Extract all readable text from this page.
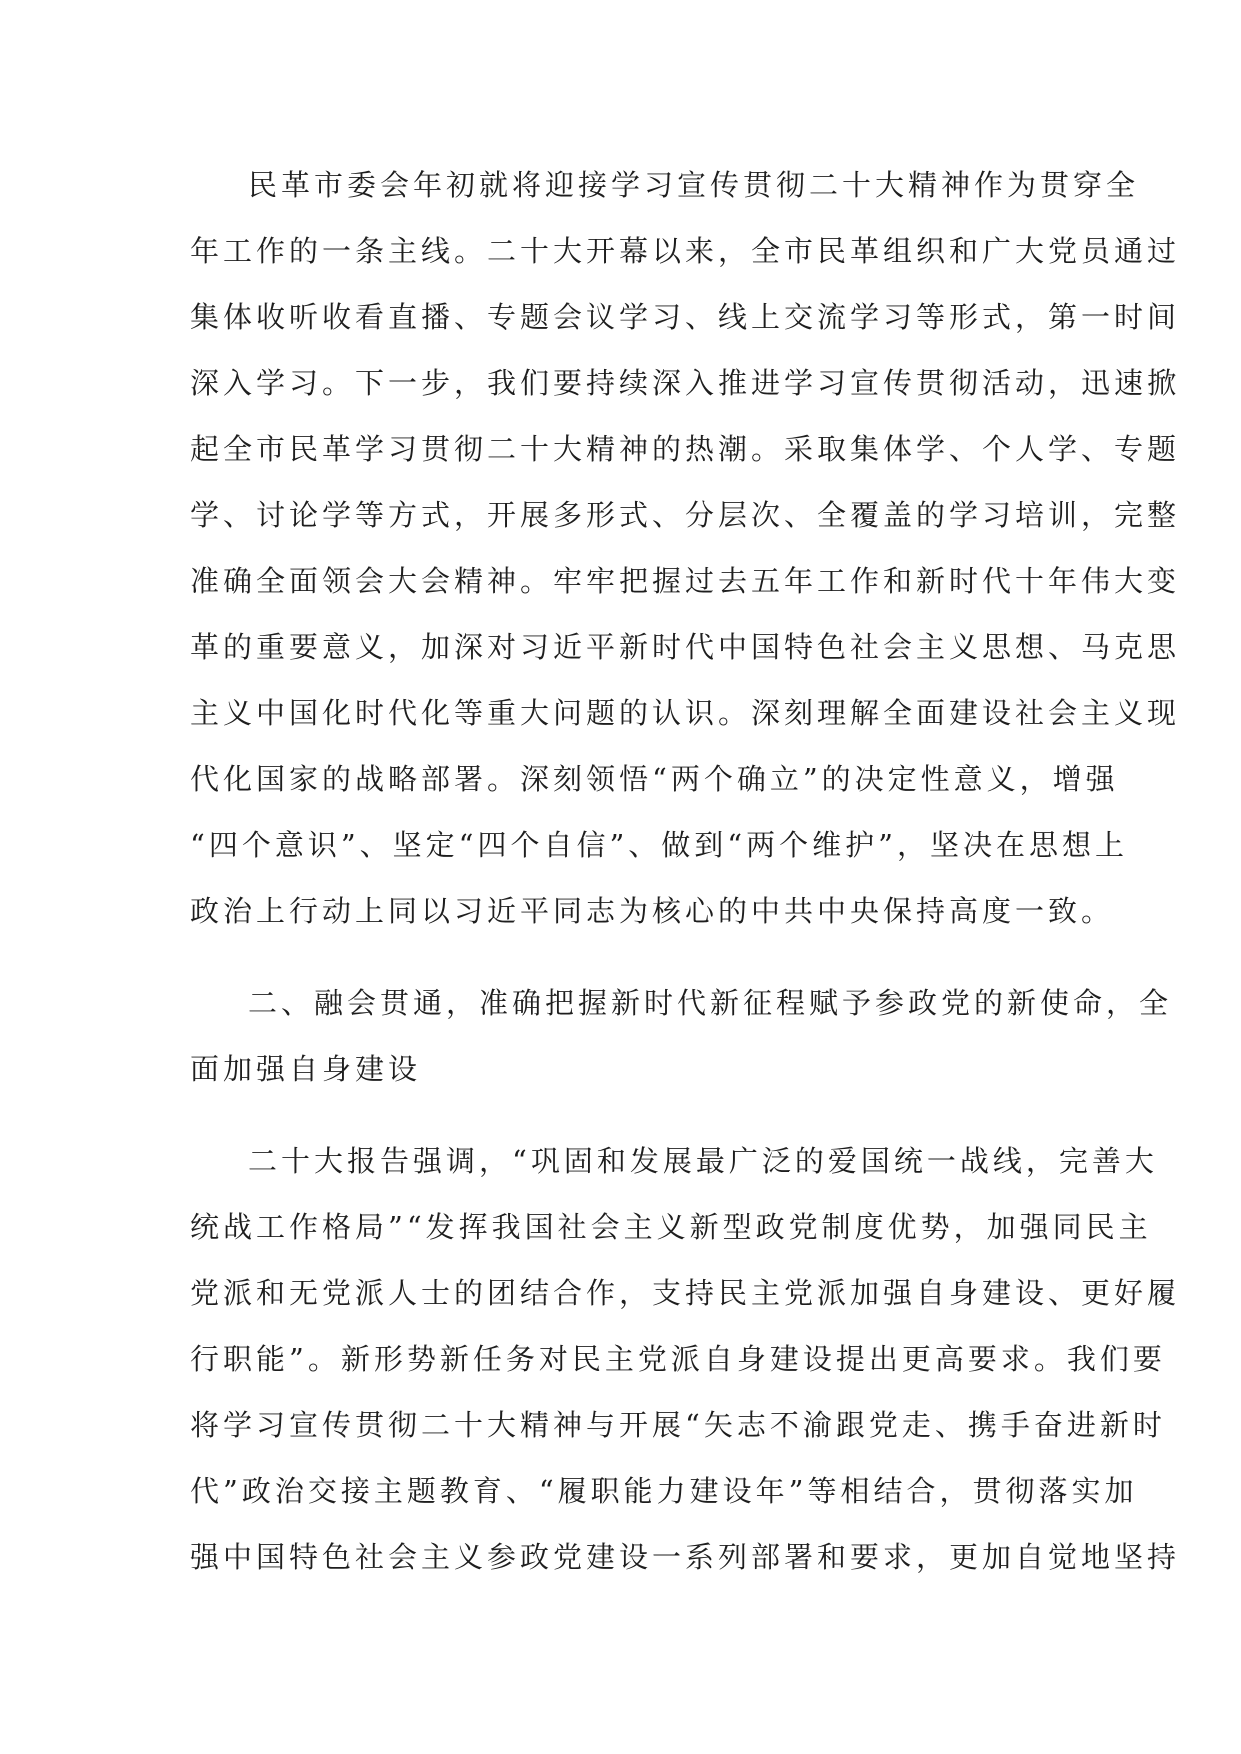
民革市委会年初就将迎接学习宣传贯彻二十大精神作为贯穿全
年工作的一条主线。二十大开幕以来，全市民革组织和广大党员通过
集体收听收看直播、专题会议学习、线上交流学习等形式，第一时间
深入学习。下一步，我们要持续深入推进学习宣传贯彻活动，迅速掀
起全市民革学习贯彻二十大精神的热潮。采取集体学、个人学、专题
学、讨论学等方式，开展多形式、分层次、全覆盖的学习培训，完整
准确全面领会大会精神。牢牢把握过去五年工作和新时代十年伟大变
革的重要意义，加深对习近平新时代中国特色社会主义思想、马克思
主义中国化时代化等重大问题的认识。深刻理解全面建设社会主义现
代化国家的战略部署。深刻领悟“两个确立”的决定性意义，增强
“四个意识”、坚定“四个自信”、做到“两个维护”，坚决在思想上
政治上行动上同以习近平同志为核心的中共中央保持高度一致。
二、融会贯通，准确把握新时代新征程赋予参政党的新使命，全
面加强自身建设
二十大报告强调，“巩固和发展最广泛的爱国统一战线，完善大
统战工作格局”“发挥我国社会主义新型政党制度优势，加强同民主
党派和无党派人士的团结合作，支持民主党派加强自身建设、更好履
行职能”。新形势新任务对民主党派自身建设提出更高要求。我们要
将学习宣传贯彻二十大精神与开展“矢志不渝跟党走、携手奋进新时
代”政治交接主题教育、“履职能力建设年”等相结合，贯彻落实加
强中国特色社会主义参政党建设一系列部署和要求，更加自觉地坚持
